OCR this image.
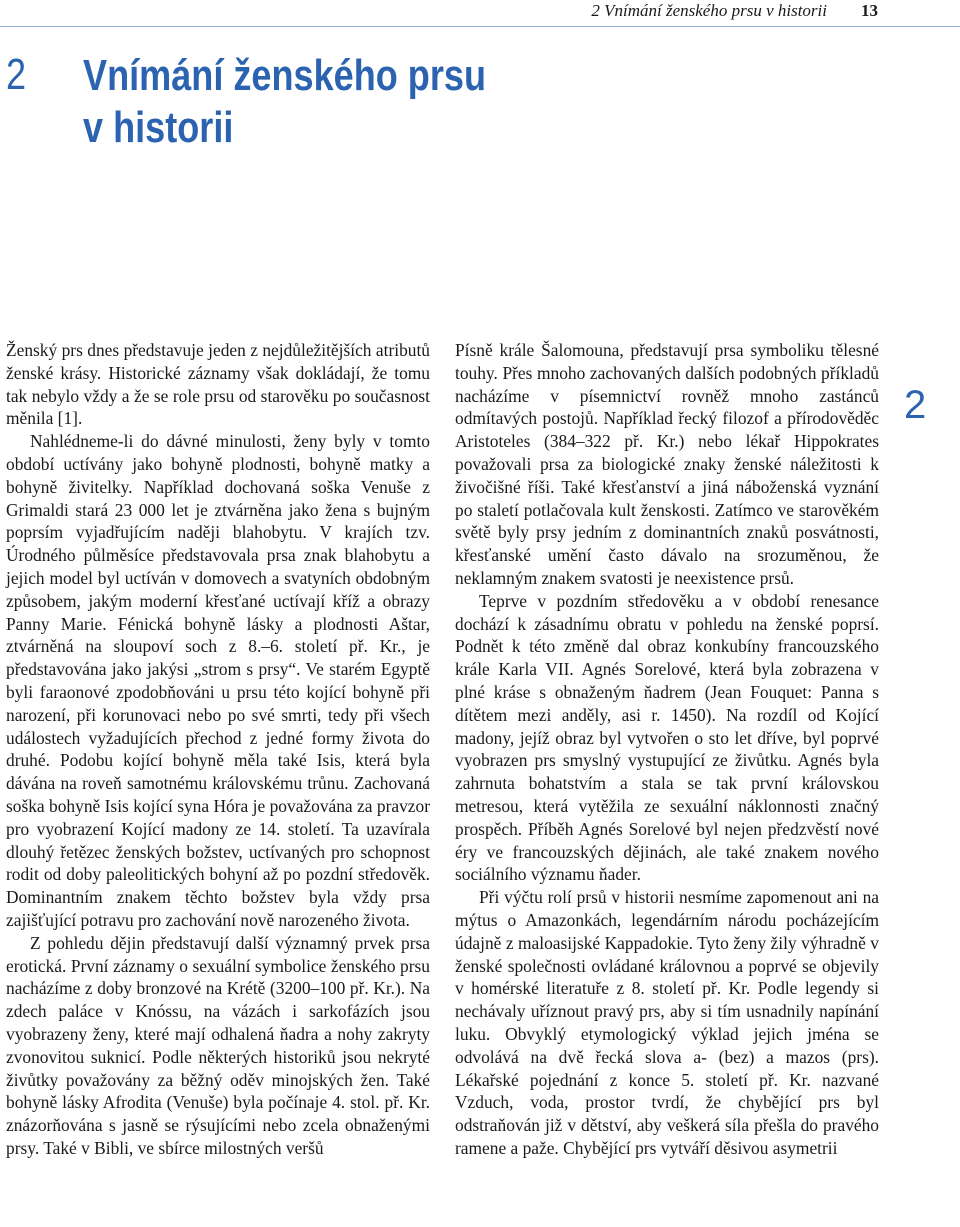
2 Vnímání ženského prsu v historii 13
2 Vnímání ženského prsu
v historii
2

Ženský prs dnes představuje jeden z nejdůležitějších atributů ženské krásy. Historické záznamy však dokládají, že tomu tak nebylo vždy a že se role prsu od starověku po současnost měnila [1].

Nahlédneme-li do dávné minulosti, ženy byly v tomto období uctívány jako bohyně plodnosti, bohyně matky a bohyně živitelky. Například dochovaná soška Venuše z Grimaldi stará 23 000 let je ztvárněna jako žena s bujným poprsím vyjadřujícím naději blahobytu. V krajích tzv. Úrodného půlměsíce představovala prsa znak blahobytu a jejich model byl uctíván v domovech a svatyních obdobným způsobem, jakým moderní křesťané uctívají kříž a obrazy Panny Marie. Fénická bohyně lásky a plodnosti Aštar, ztvárněná na sloupoví soch z 8.–6. století př. Kr., je představována jako jakýsi „strom s prsy“. Ve starém Egyptě byli faraonové zpodobňováni u prsu této kojící bohyně při narození, při korunovaci nebo po své smrti, tedy při všech událostech vyžadujících přechod z jedné formy života do druhé. Podobu kojící bohyně měla také Isis, která byla dávána na roveň samotnému královskému trůnu. Zachovaná soška bohyně Isis kojící syna Hóra je považována za pravzor pro vyobrazení Kojící madony ze 14. století. Ta uzavírala dlouhý řetězec ženských božstev, uctívaných pro schopnost rodit od doby paleolitických bohyní až po pozdní středověk. Dominantním znakem těchto božstev byla vždy prsa zajišťující potravu pro zachování nově narozeného života.

Z pohledu dějin představují další významný prvek prsa erotická. První záznamy o sexuální symbolice ženského prsu nacházíme z doby bronzové na Krétě (3200–100 př. Kr.). Na zdech paláce v Knóssu, na vázách i sarkofázích jsou vyobrazeny ženy, které mají odhalená ňadra a nohy zakryty zvonovitou suknicí. Podle některých historiků jsou nekryté živůtky považovány za běžný oděv minojských žen. Také bohyně lásky Afrodita (Venuše) byla počínaje 4. stol. př. Kr. znázorňována s jasně se rýsujícími nebo zcela obnaženými prsy. Také v Bibli, ve sbírce milostných veršů

Písně krále Šalomouna, představují prsa symboliku tělesné touhy. Přes mnoho zachovaných dalších podobných příkladů nacházíme v písemnictví rovněž mnoho zastánců odmítavých postojů. Například řecký filozof a přírodověděc Aristoteles (384–322 př. Kr.) nebo lékař Hippokrates považovali prsa za biologické znaky ženské náležitosti k živočišné říši. Také křesťanství a jiná náboženská vyznání po staletí potlačovala kult ženskosti. Zatímco ve starověkém světě byly prsy jedním z dominantních znaků posvátnosti, křesťanské umění často dávalo na srozuměnou, že neklamným znakem svatosti je neexistence prsů.

Teprve v pozdním středověku a v období renesance dochází k zásadnímu obratu v pohledu na ženské poprsí. Podnět k této změně dal obraz konkubíny francouzského krále Karla VII. Agnés Sorelové, která byla zobrazena v plné kráse s obnaženým ňadrem (Jean Fouquet: Panna s dítětem mezi anděly, asi r. 1450). Na rozdíl od Kojící madony, jejíž obraz byl vytvořen o sto let dříve, byl poprvé vyobrazen prs smyslný vystupující ze živůtku. Agnés byla zahrnuta bohatstvím a stala se tak první královskou metresou, která vytěžila ze sexuální náklonnosti značný prospěch. Příběh Agnés Sorelové byl nejen předzvěstí nové éry ve francouzských dějinách, ale také znakem nového sociálního významu ňader.

Při výčtu rolí prsů v historii nesmíme zapomenout ani na mýtus o Amazonkách, legendárním národu pocházejícím údajně z maloasijské Kappadokie. Tyto ženy žily výhradně v ženské společnosti ovládané královnou a poprvé se objevily v homérské literatuře z 8. století př. Kr. Podle legendy si nechávaly uříznout pravý prs, aby si tím usnadnily napínání luku. Obvyklý etymologický výklad jejich jména se odvolává na dvě řecká slova a- (bez) a mazos (prs). Lékařské pojednání z konce 5. století př. Kr. nazvané Vzduch, voda, prostor tvrdí, že chybějící prs byl odstraňován již v dětství, aby veškerá síla přešla do pravého ramene a paže. Chybějící prs vytváří děsivou asymetrii
